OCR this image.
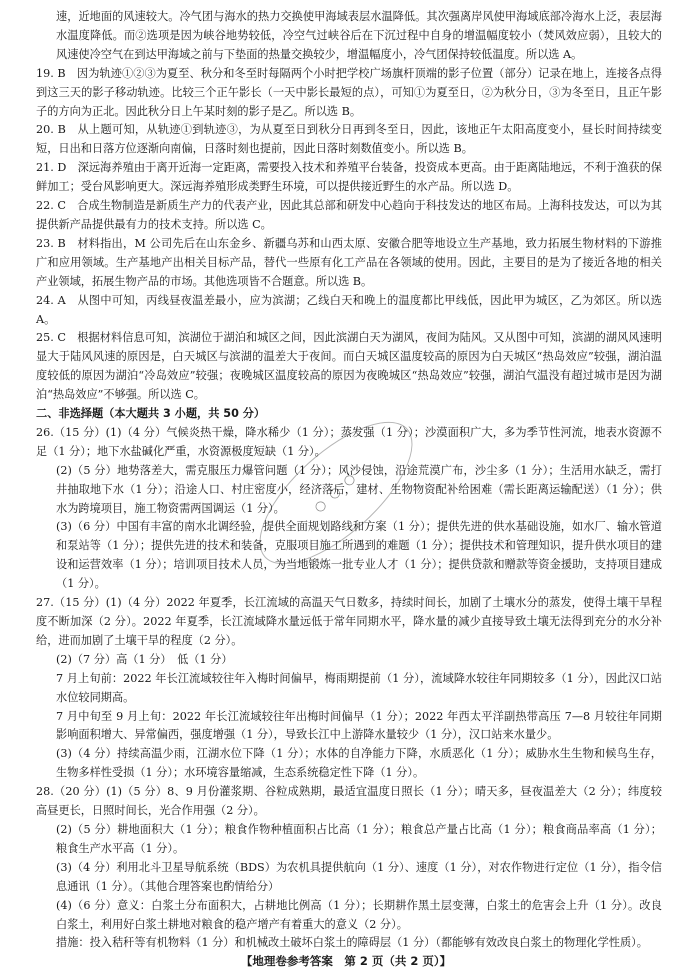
速，近地面的风速较大。冷气团与海水的热力交换使甲海域表层水温降低。其次强离岸风使甲海域底部冷海水上泛，表层海水温度降低。而②选项是因为峡谷地势较低，冷空气过峡谷后在下沉过程中自身的增温幅度较小（焚风效应弱），且较大的风速使冷空气在到达甲海域之前与下垫面的热量交换较少，增温幅度小，冷气团保持较低温度。所以选 A。

19. B　因为轨迹①②③为夏至、秋分和冬至时每隔两个小时把学校广场旗杆顶端的影子位置（部分）记录在地上，连接各点得到这三天的影子移动轨迹。比较三个正午影长（一天中影长最短的点），可知①为夏至日，②为秋分日，③为冬至日，且正午影子的方向为正北。因此秋分日上午某时刻的影子是乙。所以选 B。

20. B　从上题可知，从轨迹①到轨迹③，为从夏至日到秋分日再到冬至日，因此，该地正午太阳高度变小，昼长时间持续变短，日出和日落方位逐渐向南偏，日落时刻也提前，因此日落时刻数值变小。所以选 B。

21. D　深远海养殖由于离开近海一定距离，需要投入技术和养殖平台装备，投资成本更高。由于距离陆地远，不利于渔获的保鲜加工；受台风影响更大。深远海养殖形成类野生环境，可以提供接近野生的水产品。所以选 D。

22. C　合成生物制造是新质生产力的代表产业，因此其总部和研发中心趋向于科技发达的地区布局。上海科技发达，可以为其提供新产品提供最有力的技术支持。所以选 C。

23. B　材料指出，M 公司先后在山东金乡、新疆乌苏和山西太原、安徽合肥等地设立生产基地，致力拓展生物材料的下游推广和应用领域。生产基地产出相关目标产品，替代一些原有化工产品在各领域的使用。因此，主要目的是为了接近各地的相关产业领域，拓展生物产品的市场。其他选项皆不合题意。所以选 B。

24. A　从图中可知，丙线昼夜温差最小，应为滨湖；乙线白天和晚上的温度都比甲线低，因此甲为城区，乙为郊区。所以选 A。

25. C　根据材料信息可知，滨湖位于湖泊和城区之间，因此滨湖白天为湖风，夜间为陆风。又从图中可知，滨湖的湖风风速明显大于陆风风速的原因是，白天城区与滨湖的温差大于夜间。而白天城区温度较高的原因为白天城区“热岛效应”较强，湖泊温度较低的原因为湖泊“冷岛效应”较强；夜晚城区温度较高的原因为夜晚城区“热岛效应”较强，湖泊气温没有超过城市是因为湖泊“热岛效应”不够强。所以选 C。

二、非选择题（本大题共 3 小题，共 50 分）

26.（15 分）(1)（4 分）气候炎热干燥，降水稀少（1 分）；蒸发强（1 分）；沙漠面积广大，多为季节性河流，地表水资源不足（1 分）；地下水盐碱化严重，水资源极度短缺（1 分）。

(2)（5 分）地势落差大，需克服压力爆管问题（1 分）；风沙侵蚀，沿途荒漠广布，沙尘多（1 分）；生活用水缺乏，需打井抽取地下水（1 分）；沿途人口、村庄密度小，经济落后，建材、生物物资配补给困难（需长距离运输配送）（1 分）；供水为跨境项目，施工物资需两国调运（1 分）。

(3)（6 分）中国有丰富的南水北调经验，提供全面规划路线和方案（1 分）；提供先进的供水基础设施，如水厂、输水管道和泵站等（1 分）；提供先进的技术和装备，克服项目施工所遇到的难题（1 分）；提供技术和管理知识，提升供水项目的建设和运营效率（1 分）；培训项目技术人员，为当地锻炼一批专业人才（1 分）；提供贷款和赠款等资金援助，支持项目建成（1 分）。

27.（15 分）(1)（4 分）2022 年夏季，长江流域的高温天气日数多，持续时间长，加剧了土壤水分的蒸发，使得土壤干旱程度不断加深（2 分）。2022 年夏季，长江流域降水量远低于常年同期水平，降水量的减少直接导致土壤无法得到充分的水分补给，进而加剧了土壤干旱的程度（2 分）。

(2)（7 分）高（1 分）　低（1 分）

7 月上旬前：2022 年长江流域较往年入梅时间偏早，梅雨期提前（1 分），流域降水较往年同期较多（1 分），因此汉口站水位较同期高。

7 月中旬至 9 月上旬：2022 年长江流域较往年出梅时间偏早（1 分）；2022 年西太平洋副热带高压 7—8 月较往年同期影响面积增大、异常偏西，强度增强（1 分），导致长江中上游降水量较少（1 分），汉口站来水量少。

(3)（4 分）持续高温少雨，江湖水位下降（1 分）；水体的自净能力下降，水质恶化（1 分）；威胁水生生物和候鸟生存，生物多样性受损（1 分）；水环境容量缩减，生态系统稳定性下降（1 分）。

28.（20 分）(1)（5 分）8、9 月份灌浆期、谷粒成熟期，最适宜温度日照长（1 分）；晴天多，昼夜温差大（2 分）；纬度较高昼更长，日照时间长，光合作用强（2 分）。

(2)（5 分）耕地面积大（1 分）；粮食作物种植面积占比高（1 分）；粮食总产量占比高（1 分）；粮食商品率高（1 分）；粮食生产水平高（1 分）。

(3)（4 分）利用北斗卫星导航系统（BDS）为农机具提供航向（1 分）、速度（1 分），对农作物进行定位（1 分），指令信息通讯（1 分）。（其他合理答案也酌情给分）

(4)（6 分）意义：白浆土分布面积大，占耕地比例高（1 分）；长期耕作黑土层变薄，白浆土的危害会上升（1 分）。改良白浆土，利用好白浆土耕地对粮食的稳产增产有着重大的意义（2 分）。

措施：投入秸秆等有机物料（1 分）和机械改土破坏白浆土的障碍层（1 分）（都能够有效改良白浆土的物理化学性质）。

○ ○ ○
【地理卷参考答案　第 2 页（共 2 页）】
